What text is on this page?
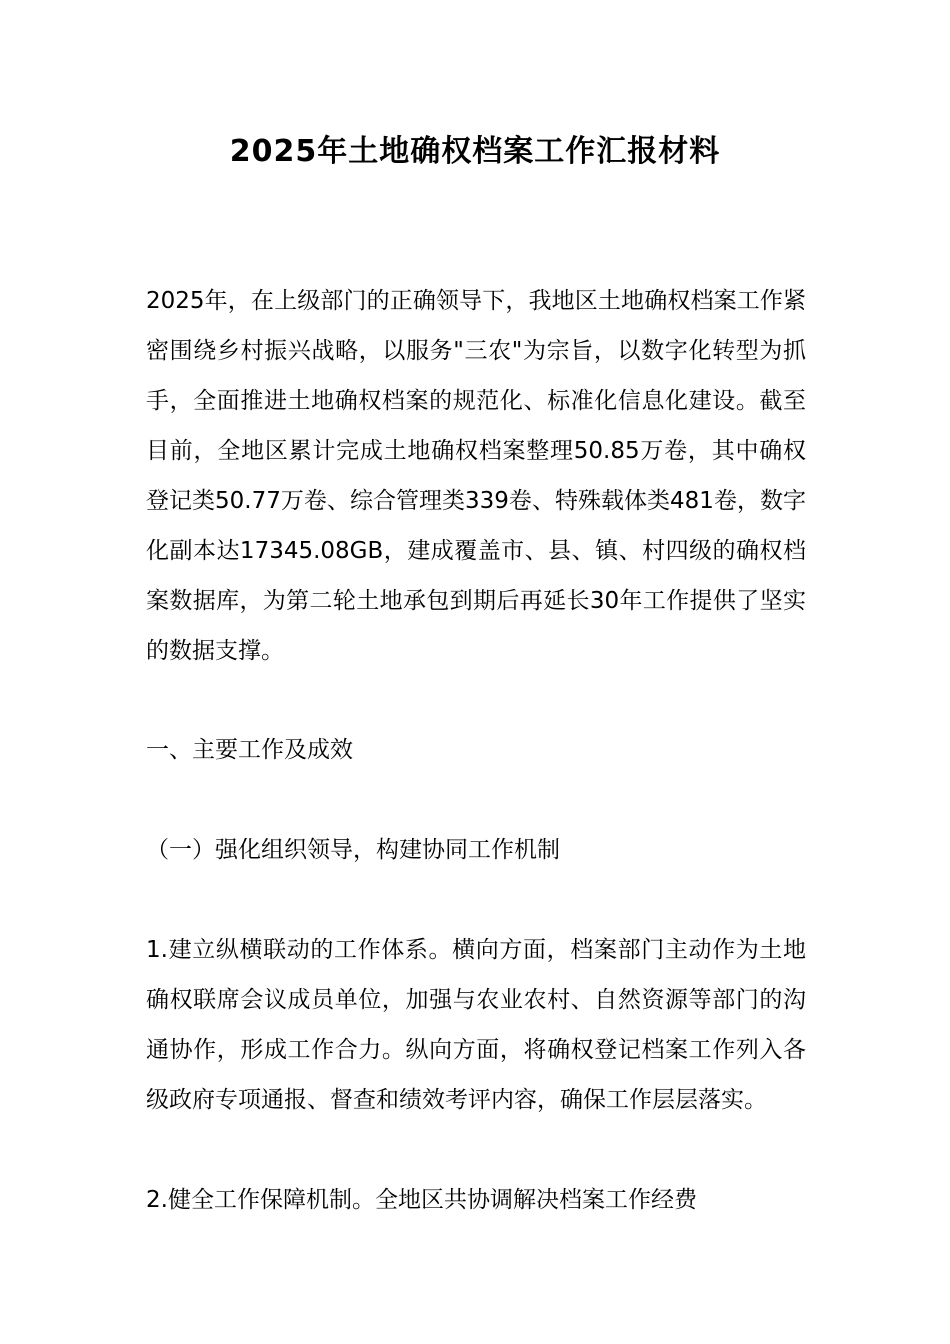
2025年土地确权档案工作汇报材料

2025年，在上级部门的正确领导下，我地区土地确权档案工作紧密围绕乡村振兴战略，以服务"三农"为宗旨，以数字化转型为抓手，全面推进土地确权档案的规范化、标准化信息化建设。截至目前，全地区累计完成土地确权档案整理50.85万卷，其中确权登记类50.77万卷、综合管理类339卷、特殊载体类481卷，数字化副本达17345.08GB，建成覆盖市、县、镇、村四级的确权档案数据库，为第二轮土地承包到期后再延长30年工作提供了坚实的数据支撑。

一、主要工作及成效

（一）强化组织领导，构建协同工作机制

1.建立纵横联动的工作体系。横向方面，档案部门主动作为土地确权联席会议成员单位，加强与农业农村、自然资源等部门的沟通协作，形成工作合力。纵向方面，将确权登记档案工作列入各级政府专项通报、督查和绩效考评内容，确保工作层层落实。

2.健全工作保障机制。全地区共协调解决档案工作经费
